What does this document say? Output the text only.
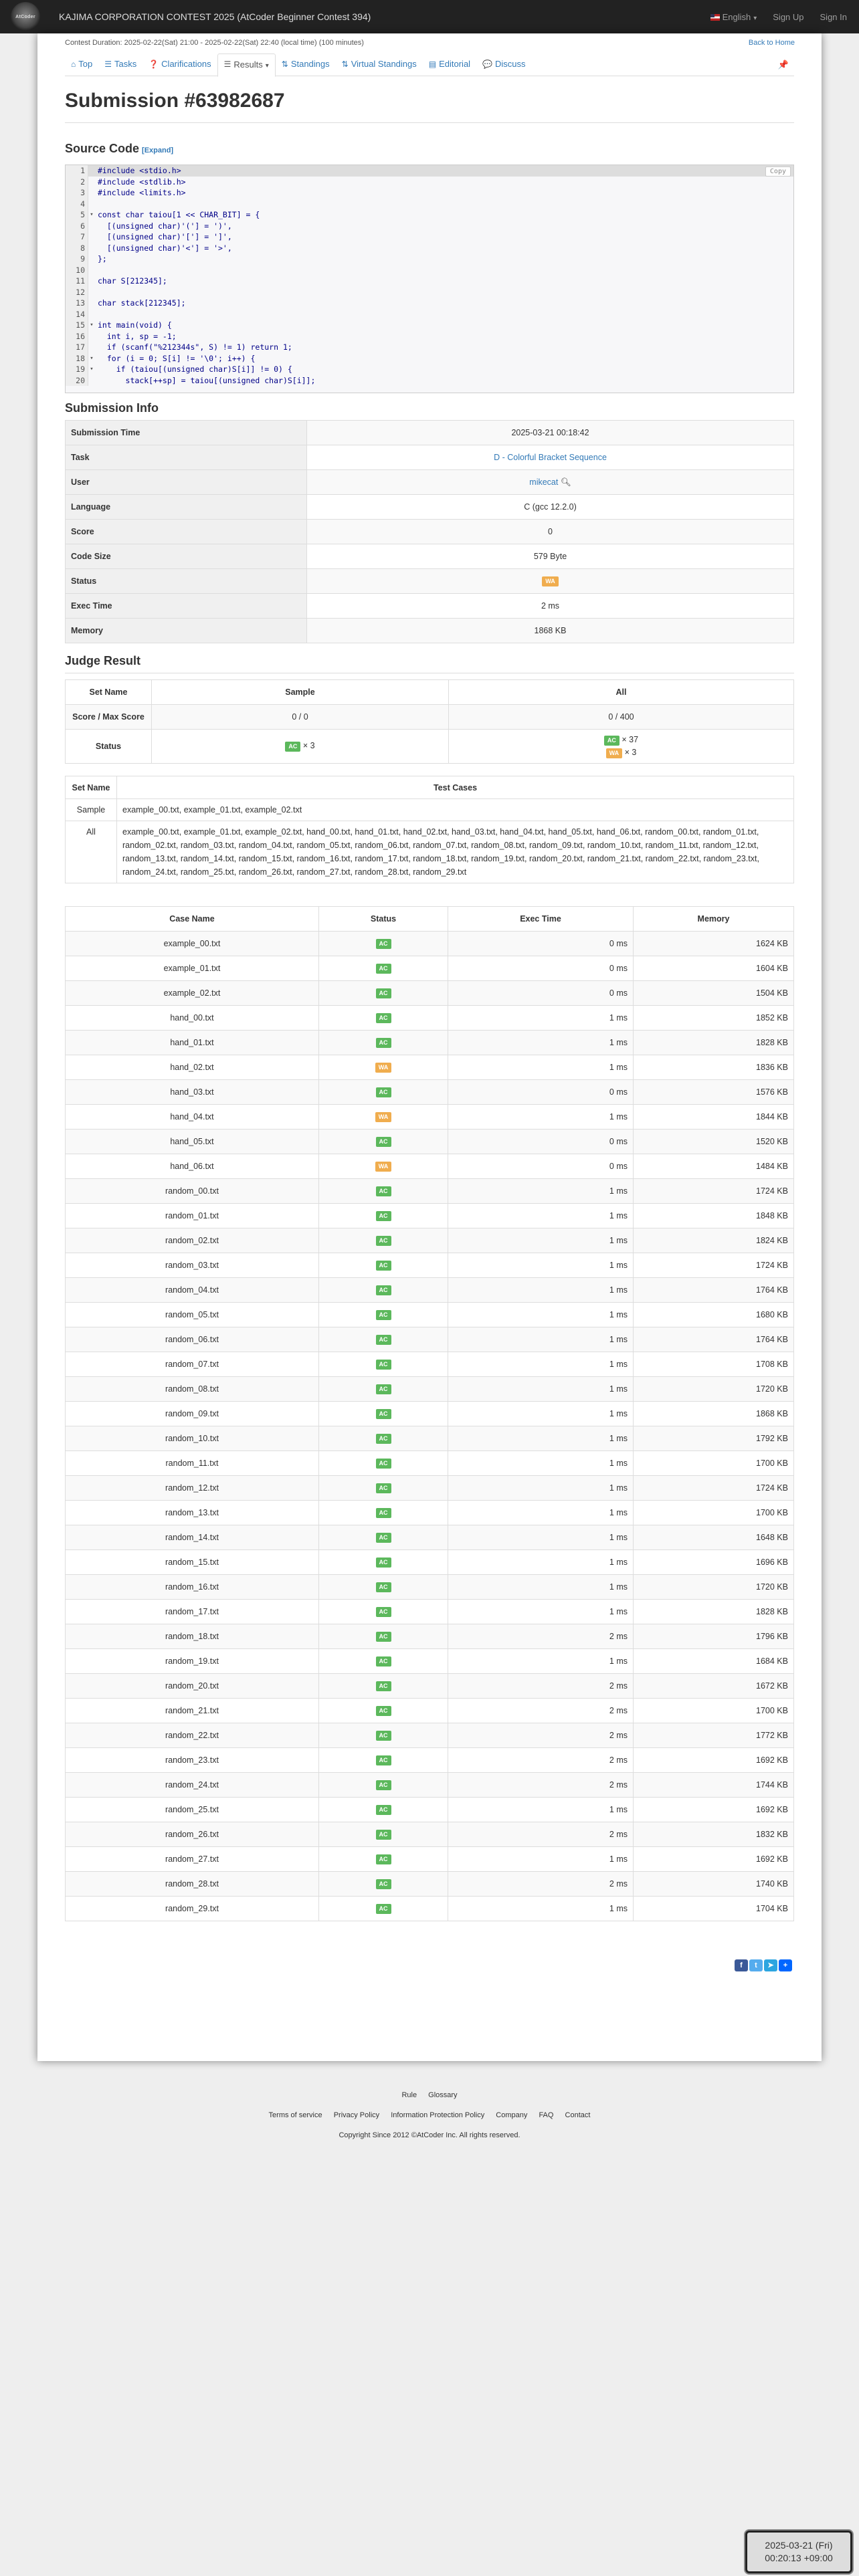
AtCoder	KAJIMA CORPORATION CONTEST 2025 (AtCoder Beginner Contest 394)	English ▾	Sign Up Sign In
Contest Duration: 2025-02-22(Sat) 21:00 - 2025-02-22(Sat) 22:40 (local time) (100 minutes)	Back to Home
⌂ Top ☰ Tasks ❓ Clarifications ☰ Results ▾	⇅ Standings ⇅ Virtual Standings ▤ Editorial 💬 Discuss	📌
Submission #63982687
Source Code [Expand]
1	#include <stdio.h>
2	#include <stdlib.h>
3	#include <limits.h>
4
5 ▾ const char taiou[1 << CHAR_BIT] = {
6	[(unsigned char)'('] = ')',
7	[(unsigned char)'['] = ']',
8	[(unsigned char)'<'] = '>',
9	};
10
11	char S[212345];
12
13	char stack[212345];
14
15 ▾ int main(void) {
16	int i, sp = -1;
17	if (scanf("%212344s", S) != 1) return 1;
18 ▾ for (i = 0; S[i] != '\0'; i++) {
19 ▾ if (taiou[(unsigned char)S[i]] != 0) {
20	stack[++sp] = taiou[(unsigned char)S[i]];
Copy
Submission Info
Submission Time	2025-03-21 00:18:42
Task	D - Colorful Bracket Sequence
User	mikecat 🔍︎
Language	C (gcc 12.2.0)
Score	0
Code Size	579 Byte
Status	WA
Exec Time	2 ms
Memory	1868 KB
Judge Result
Set Name	Sample	All
Score / Max Score	0 / 0	0 / 400
Status	AC × 3	AC × 37
WA × 3
Set Name	Test Cases
Sample	example_00.txt, example_01.txt, example_02.txt
All	example_00.txt, example_01.txt, example_02.txt, hand_00.txt, hand_01.txt, hand_02.txt, hand_03.txt, hand_04.txt, hand_05.txt, hand_06.txt, random_00.txt, random_01.txt, random_02.txt, random_03.txt, random_04.txt, random_05.txt, random_06.txt, random_07.txt, random_08.txt, random_09.txt, random_10.txt, random_11.txt, random_12.txt, random_13.txt, random_14.txt, random_15.txt, random_16.txt, random_17.txt, random_18.txt, random_19.txt, random_20.txt, random_21.txt, random_22.txt, random_23.txt, random_24.txt, random_25.txt, random_26.txt, random_27.txt, random_28.txt, random_29.txt
Case Name	Status	Exec Time	Memory
example_00.txt	AC	0 ms	1624 KB
example_01.txt	AC	0 ms	1604 KB
example_02.txt	AC	0 ms	1504 KB
hand_00.txt	AC	1 ms	1852 KB
hand_01.txt	AC	1 ms	1828 KB
hand_02.txt	WA	1 ms	1836 KB
hand_03.txt	AC	0 ms	1576 KB
hand_04.txt	WA	1 ms	1844 KB
hand_05.txt	AC	0 ms	1520 KB
hand_06.txt	WA	0 ms	1484 KB
random_00.txt	AC	1 ms	1724 KB
random_01.txt	AC	1 ms	1848 KB
random_02.txt	AC	1 ms	1824 KB
random_03.txt	AC	1 ms	1724 KB
random_04.txt	AC	1 ms	1764 KB
random_05.txt	AC	1 ms	1680 KB
random_06.txt	AC	1 ms	1764 KB
random_07.txt	AC	1 ms	1708 KB
random_08.txt	AC	1 ms	1720 KB
random_09.txt	AC	1 ms	1868 KB
random_10.txt	AC	1 ms	1792 KB
random_11.txt	AC	1 ms	1700 KB
random_12.txt	AC	1 ms	1724 KB
random_13.txt	AC	1 ms	1700 KB
random_14.txt	AC	1 ms	1648 KB
random_15.txt	AC	1 ms	1696 KB
random_16.txt	AC	1 ms	1720 KB
random_17.txt	AC	1 ms	1828 KB
random_18.txt	AC	2 ms	1796 KB
random_19.txt	AC	1 ms	1684 KB
random_20.txt	AC	2 ms	1672 KB
random_21.txt	AC	2 ms	1700 KB
random_22.txt	AC	2 ms	1772 KB
random_23.txt	AC	2 ms	1692 KB
random_24.txt	AC	2 ms	1744 KB
random_25.txt	AC	1 ms	1692 KB
random_26.txt	AC	2 ms	1832 KB
random_27.txt	AC	1 ms	1692 KB
random_28.txt	AC	2 ms	1740 KB
random_29.txt	AC	1 ms	1704 KB
f	t	➤	+
Rule Glossary
Terms of service Privacy Policy Information Protection Policy Company FAQ Contact
Copyright Since 2012 ©AtCoder Inc. All rights reserved.
2025-03-21 (Fri)
00:20:13 +09:00
